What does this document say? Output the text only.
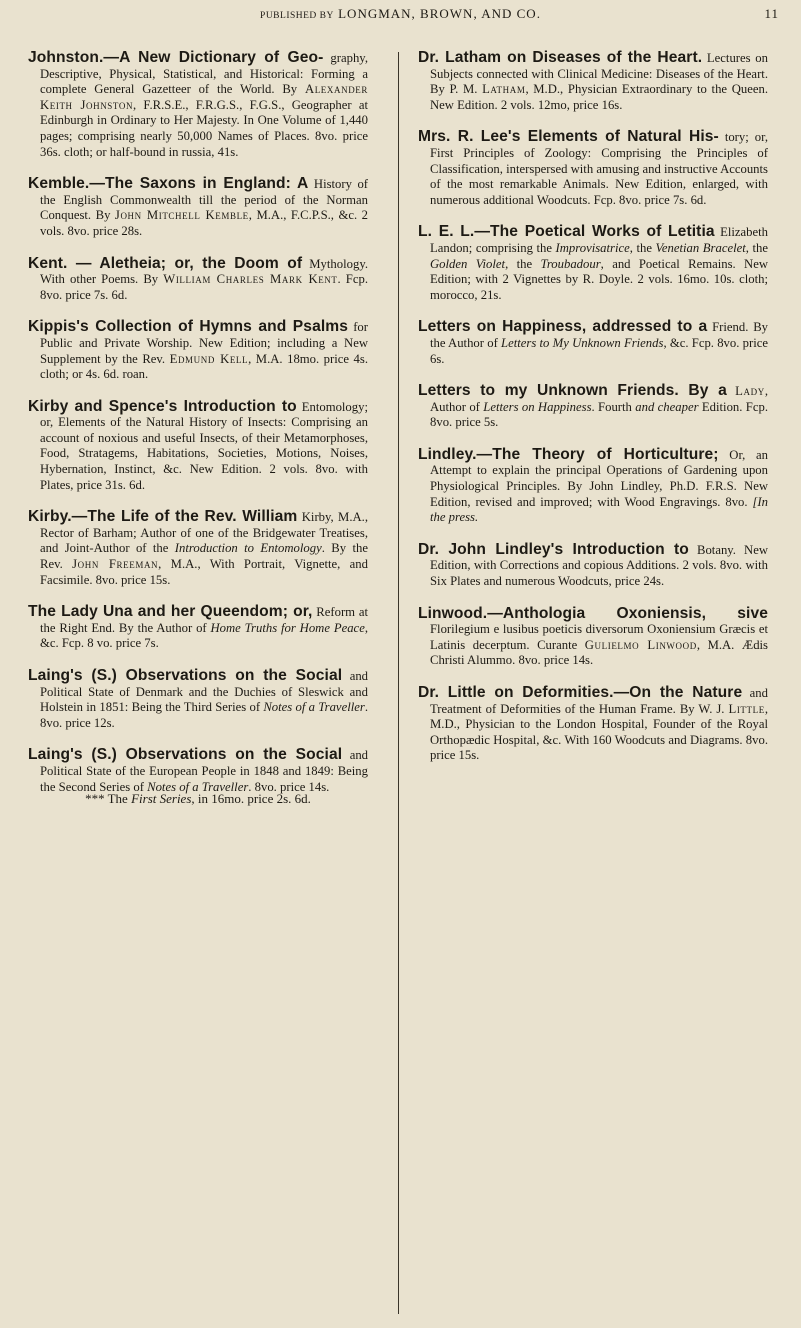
PUBLISHED BY LONGMAN, BROWN, AND CO.	11
Johnston.—A New Dictionary of Geo- graphy, Descriptive, Physical, Statistical, and Historical: Forming a complete General Gazetteer of the World. By Alexander Keith Johnston, F.R.S.E., F.R.G.S., F.G.S., Geographer at Edinburgh in Ordinary to Her Majesty. In One Volume of 1,440 pages; comprising nearly 50,000 Names of Places. 8vo. price 36s. cloth; or half-bound in russia, 41s.
Kemble.—The Saxons in England: A History of the English Commonwealth till the period of the Norman Conquest. By John Mitchell Kemble, M.A., F.C.P.S., &c. 2 vols. 8vo. price 28s.
Kent. — Aletheia; or, the Doom of Mythology. With other Poems. By William Charles Mark Kent. Fcp. 8vo. price 7s. 6d.
Kippis's Collection of Hymns and Psalms for Public and Private Worship. New Edition; including a New Supplement by the Rev. Edmund Kell, M.A. 18mo. price 4s. cloth; or 4s. 6d. roan.
Kirby and Spence's Introduction to Entomology; or, Elements of the Natural History of Insects: Comprising an account of noxious and useful Insects, of their Metamorphoses, Food, Stratagems, Habitations, Societies, Motions, Noises, Hybernation, Instinct, &c. New Edition. 2 vols. 8vo. with Plates, price 31s. 6d.
Kirby.—The Life of the Rev. William Kirby, M.A., Rector of Barham; Author of one of the Bridgewater Treatises, and Joint-Author of the Introduction to Entomology. By the Rev. John Freeman, M.A., With Portrait, Vignette, and Facsimile. 8vo. price 15s.
The Lady Una and her Queendom; or, Reform at the Right End. By the Author of Home Truths for Home Peace, &c. Fcp. 8 vo. price 7s.
Laing's (S.) Observations on the Social and Political State of Denmark and the Duchies of Sleswick and Holstein in 1851: Being the Third Series of Notes of a Traveller. 8vo. price 12s.
Laing's (S.) Observations on the Social and Political State of the European People in 1848 and 1849: Being the Second Series of Notes of a Traveller. 8vo. price 14s.
*** The First Series, in 16mo. price 2s. 6d.
Dr. Latham on Diseases of the Heart. Lectures on Subjects connected with Clinical Medicine: Diseases of the Heart. By P. M. Latham, M.D., Physician Extraordinary to the Queen. New Edition. 2 vols. 12mo, price 16s.
Mrs. R. Lee's Elements of Natural His- tory; or, First Principles of Zoology: Comprising the Principles of Classification, interspersed with amusing and instructive Accounts of the most remarkable Animals. New Edition, enlarged, with numerous additional Woodcuts. Fcp. 8vo. price 7s. 6d.
L. E. L.—The Poetical Works of Letitia Elizabeth Landon; comprising the Improvisatrice, the Venetian Bracelet, the Golden Violet, the Troubadour, and Poetical Remains. New Edition; with 2 Vignettes by R. Doyle. 2 vols. 16mo. 10s. cloth; morocco, 21s.
Letters on Happiness, addressed to a Friend. By the Author of Letters to My Unknown Friends, &c. Fcp. 8vo. price 6s.
Letters to my Unknown Friends. By a Lady, Author of Letters on Happiness. Fourth and cheaper Edition. Fcp. 8vo. price 5s.
Lindley.—The Theory of Horticulture; Or, an Attempt to explain the principal Operations of Gardening upon Physiological Principles. By John Lindley, Ph.D. F.R.S. New Edition, revised and improved; with Wood Engravings. 8vo. [In the press.
Dr. John Lindley's Introduction to Botany. New Edition, with Corrections and copious Additions. 2 vols. 8vo. with Six Plates and numerous Woodcuts, price 24s.
Linwood.—Anthologia Oxoniensis, sive Florilegium e lusibus poeticis diversorum Oxoniensium Græcis et Latinis decerptum. Curante Gulielmo Linwood, M.A. Ædis Christi Alummo. 8vo. price 14s.
Dr. Little on Deformities.—On the Nature and Treatment of Deformities of the Human Frame. By W. J. Little, M.D., Physician to the London Hospital, Founder of the Royal Orthopædic Hospital, &c. With 160 Woodcuts and Diagrams. 8vo. price 15s.
